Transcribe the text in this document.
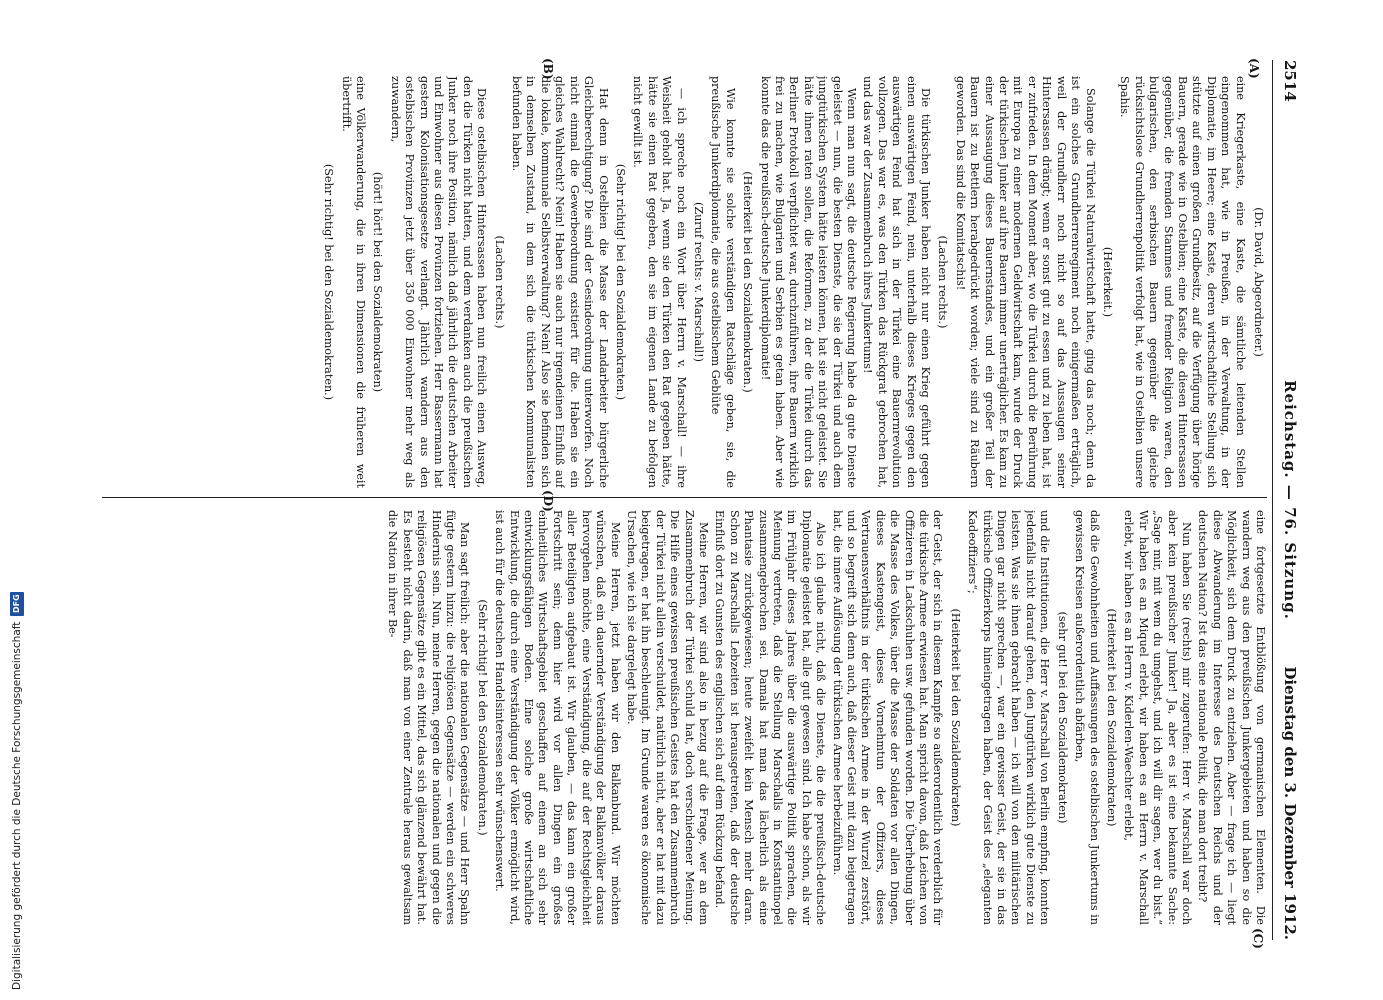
2514
Reichstag. — 76. Sitzung.
Dienstag den 3. Dezember 1912.
(A)
(B)
(C)
(D)

(Dr. David, Abgeordneter.)

eine Kriegerkaste, eine Kaste, die sämtliche leitenden Stellen eingenommen hat, wie in Preußen, in der Verwaltung, in der Diplomatie, im Heere; eine Kaste, deren wirtschaftliche Stellung sich stützte auf einen großen Grundbesitz, auf die Verfügung über hörige Bauern, gerade wie in Ostelbien; eine Kaste, die diesen Hintersassen gegenüber, die fremden Stammes und fremder Religion waren, den bulgarischen, den serbischen Bauern gegenüber die gleiche rücksichtslose Grundherrenpolitik verfolgt hat, wie in Ostelbien unsere Spahis.

(Heiterkeit.)

Solange die Türkei Naturalwirtschaft hatte, ging das noch; denn da ist ein solches Grundherrenregiment noch einigermaßen erträglich, weil der Grundherr noch nicht so auf das Aussaugen seiner Hintersassen drängt; wenn er sonst gut zu essen und zu leben hat, ist er zufrieden. In dem Moment aber, wo die Türkei durch die Berührung mit Europa zu einer modernen Geldwirtschaft kam, wurde der Druck der türkischen Junker auf ihre Bauern immer unerträglicher. Es kam zu einer Aussaugung dieses Bauernstandes, und ein großer Teil der Bauern ist zu Bettlern herabgedrückt worden; viele sind zu Räubern geworden. Das sind die Komitatschis!

(Lachen rechts.)

Die türkischen Junker haben nicht nur einen Krieg geführt gegen einen auswärtigen Feind, nein, unterhalb dieses Krieges gegen den auswärtigen Feind hat sich in der Türkei eine Bauernrevolution vollzogen. Das war es, was den Türken das Rückgrat gebrochen hat, und das war der Zusammenbruch ihres Junkertums!

Wenn man nun sagt, die deutsche Regierung habe da gute Dienste geleistet — nun, die besten Dienste, die sie der Türkei und auch dem jungtürkischen System hätte leisten können, hat sie nicht geleistet. Sie hätte ihnen raten sollen, die Reformen, zu der die Türkei durch das Berliner Protokoll verpflichtet war, durchzuführen, ihre Bauern wirklich frei zu machen, wie Bulgarien und Serbien es getan haben. Aber wie konnte das die preußisch-deutsche Junkerdiplomatie!

(Heiterkeit bei den Sozialdemokraten.)

Wie konnte sie solche verständigen Ratschläge geben, sie, die preußische Junkerdiplomatie, die aus ostelbischem Geblüte

(Zuruf rechts: v. Marschall!)

— ich spreche noch ein Wort über Herrn v. Marschall! — ihre Weisheit geholt hat. Ja, wenn sie den Türken den Rat gegeben hätte, hätte sie einen Rat gegeben, den sie im eigenen Lande zu befolgen nicht gewillt ist.

(Sehr richtig! bei den Sozialdemokraten.)

Hat denn in Ostelbien die Masse der Landarbeiter bürgerliche Gleichberechtigung? Die sind der Gesindeordnung unterworfen. Noch nicht einmal die Gewerbeordnung existiert für die. Haben sie ein gleiches Wahlrecht? Nein! Haben sie auch nur irgendeinen Einfluß auf die lokale, kommunale Selbstverwaltung? Nein! Also sie befinden sich in demselben Zustand, in dem sich die türkischen Kommunalisten befunden haben.

(Lachen rechts.)

Diese ostelbischen Hintersassen haben nun freilich einen Ausweg, den die Türken nicht hatten, und dem verdanken auch die preußischen Junker noch ihre Position, nämlich daß jährlich die deutschen Arbeiter und Einwohner aus diesen Provinzen fortziehen. Herr Bassermann hat gestern Kolonisationsgesetze verlangt. Jährlich wandern aus den ostelbischen Provinzen jetzt über 350 000 Einwohner mehr weg als zuwandern,

(hört! hört! bei den Sozialdemokraten)

eine Völkerwanderung, die in ihren Dimensionen die früheren weit übertrifft.

(Sehr richtig! bei den Sozialdemokraten.)

eine fortgesetzte Entblößung von germanischen Elementen. Die wandern weg aus den preußischen Junkergebieten und haben so die Möglichkeit, sich dem Druck zu entziehen. Aber — frage ich — liegt diese Abwanderung im Interesse des Deutschen Reichs und der deutschen Nation? Ist das eine nationale Politik, die man dort treibt?

Nun haben Sie (rechts) mir zugerufen: Herr v. Marschall war doch aber kein preußischer Junker! Ja, aber es ist eine bekannte Sache: „Sage mir, mit wem du umgehst, und ich will dir sagen, wer du bist.“ Wir haben es an Miquel erlebt, wir haben es an Herrn v. Marschall erlebt, wir haben es an Herrn v. Kiderlen-Waechter erlebt,

(Heiterkeit bei den Sozialdemokraten)

daß die Gewohnheiten und Auffassungen des ostelbischen Junkertums in gewissen Kreisen außerordentlich abfärben,

(sehr gut! bei den Sozialdemokraten)

und die Institutionen, die Herr v. Marschall von Berlin empfing, konnten jedenfalls nicht darauf gehen, den Jungtürken wirklich gute Dienste zu leisten. Was sie ihnen gebracht haben — ich will von den militärischen Dingen gar nicht sprechen —, war ein gewisser Geist, der sie in das türkische Offizierkorps hineingetragen haben, der Geist des „eleganten Kadeoffiziers“;

(Heiterkeit bei den Sozialdemokraten)

der Geist, der sich in diesem Kampfe so außerordentlich verderblich für die türkische Armee erwiesen hat. Man spricht davon, daß Leichen von Offizieren in Lackschuhen usw. gefunden worden. Die Überhebung über die Masse des Volkes, über die Masse der Soldaten vor allen Dingen, dieses Kastengeist, dieses Vornehmtun der Offiziers, dieses Vertrauensverhältnis in der türkischen Armee in der Wurzel zerstört, und so begreift sich denn auch, daß dieser Geist mit dazu beigetragen hat, die innere Auflösung der türkischen Armee herbeizuführen.

Also ich glaube nicht, daß die Dienste, die die preußisch-deutsche Diplomatie geleistet hat, alle gut gewesen sind. Ich habe schon, als wir im Frühjahr dieses Jahres über die auswärtige Politik sprachen, die Meinung vertreten, daß die Stellung Marschalls in Konstantinopel zusammengebrochen sei. Damals hat man das lächerlich als eine Phantasie zurückgewiesen; heute zweifelt kein Mensch mehr daran. Schon zu Marschalls Lebzeiten ist herausgetreten, daß der deutsche Einfluß dort zu Gunsten des englischen sich auf dem Rückzug befand.

Meine Herren, wir sind also in bezug auf die Frage, wer an dem Zusammenbruch der Türkei schuld hat, doch verschiedener Meinung. Die Hilfe eines gewissen preußischen Geistes hat den Zusammenbruch der Türkei nicht allein verschuldet, natürlich nicht, aber er hat mit dazu beigetragen, er hat ihn beschleunigt. Im Grunde waren es ökonomische Ursachen, wie ich sie dargelegt habe.

Meine Herren, jetzt haben wir den Balkanbund. Wir möchten wünschen, daß ein dauernder Verständigung der Balkanvölker daraus hervorgehen möchte, eine Verständigung, die auf der Rechtsgleichheit aller Beteiligten aufgebaut ist. Wir glauben, — das kann ein großer Fortschritt sein; denn hier wird vor allen Dingen ein großes einheitliches Wirtschaftsgebiet geschaffen auf einem an sich sehr entwicklungsfähigen Boden. Eine solche große wirtschaftliche Entwicklung, die durch eine Verständigung der Völker ermöglicht wird, ist auch für die deutschen Handelsinteressen sehr wünschenswert.

(Sehr richtig! bei den Sozialdemokraten.)

Man sagt freilich: aber die nationalen Gegensätze — und Herr Spahn fügte gestern hinzu: die religiösen Gegensätze — werden ein schweres Hindernis sein. Nun, meine Herren, gegen die nationalen und gegen die religiösen Gegensätze gibt es ein Mittel, das sich glänzend bewährt hat. Es besteht nicht darin, daß man von einer Zentrale heraus gewaltsam die Nation in ihrer Be-

Digitalisierung gefördert durch die Deutsche Forschungsgemeinschaft
DFG
